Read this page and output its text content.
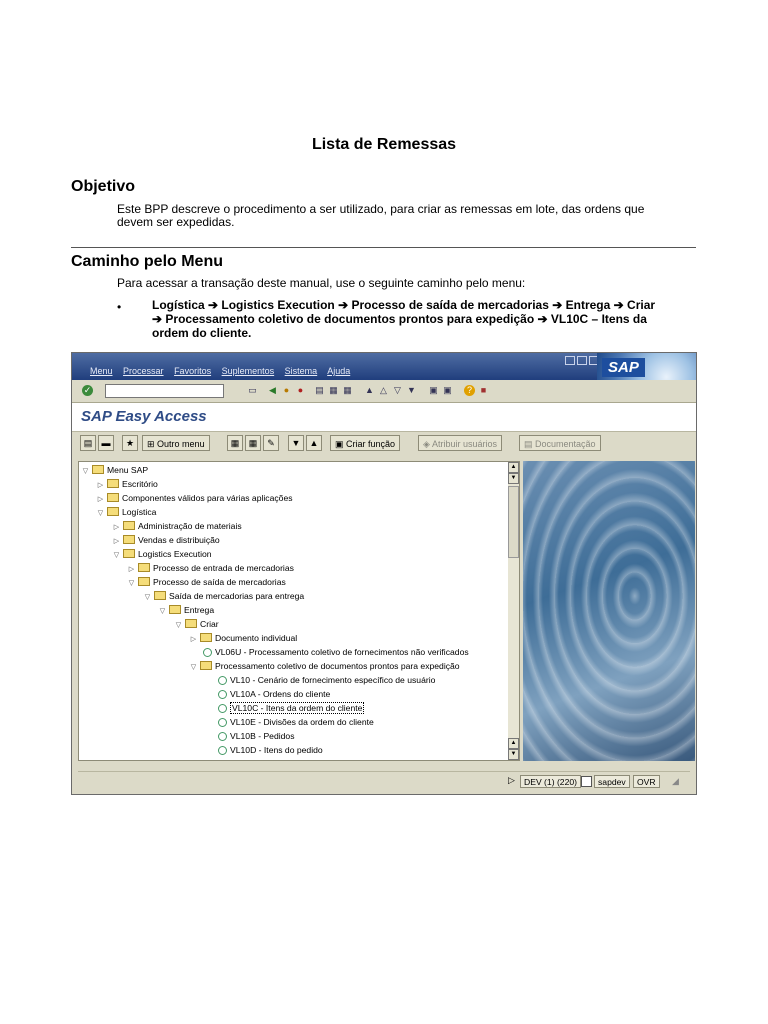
Lista de Remessas
Objetivo
Este BPP descreve o procedimento a ser utilizado, para criar as remessas em lote, das ordens que
devem ser expedidas.
Caminho pelo Menu
Para acessar a transação deste manual, use o seguinte caminho pelo menu:
•	Logística ➔ Logistics Execution ➔ Processo de saída de mercadorias ➔ Entrega ➔ Criar
➔ Processamento coletivo de documentos prontos para expedição ➔ VL10C – Itens da
ordem do cliente.
Menu Processar Favoritos Suplementos Sistema Ajuda	SAP
✓	▭ ◀ ● ●	▤ ▦ ▦ ▲ △ ▽ ▼ ▣ ▣	? ■
SAP Easy Access
▤	▬	★	⊞ Outro menu	▦	▦	✎	▼	▲	▣ Criar função	◈ Atribuir usuários	▤ Documentação
▽ Menu SAP
▷ Escritório
▷ Componentes válidos para várias aplicações
▽ Logística
▷ Administração de materiais
▷ Vendas e distribuição
▽ Logistics Execution
▷ Processo de entrada de mercadorias
▽ Processo de saída de mercadorias
▽ Saída de mercadorias para entrega
▽ Entrega
▽ Criar
▷ Documento individual
VL06U - Processamento coletivo de fornecimentos não verificados
▽ Processamento coletivo de documentos prontos para expedição
VL10 - Cenário de fornecimento específico de usuário
VL10A - Ordens do cliente
VL10C - Itens da ordem do cliente
VL10E - Divisões da ordem do cliente
VL10B - Pedidos
VL10D - Itens do pedido
▲
▼
▲
▼
▷	DEV (1) (220)	sapdev	OVR	◢
